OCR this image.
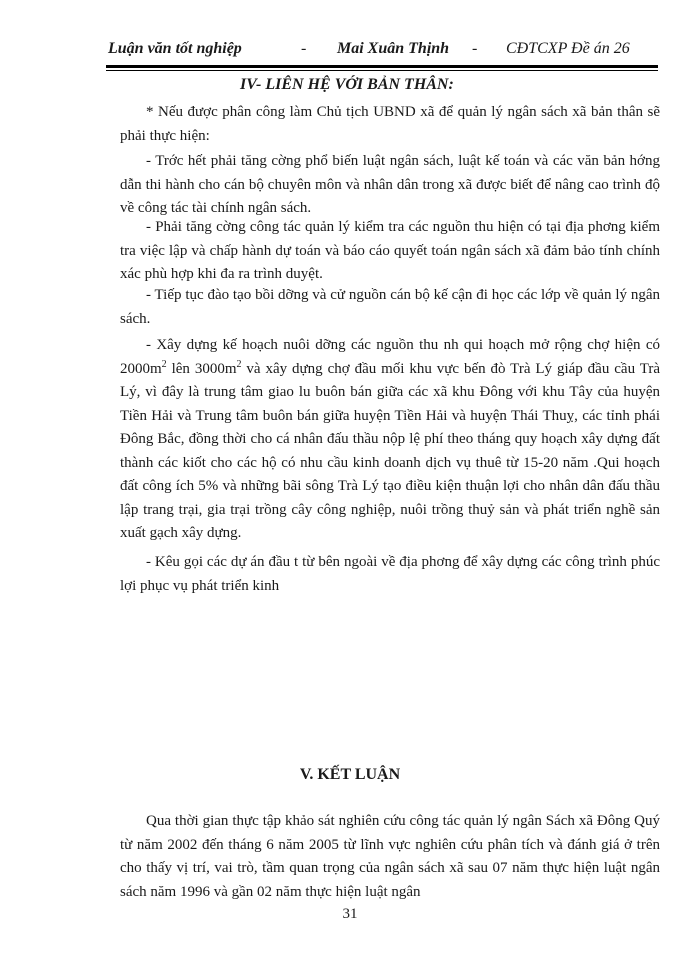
Luận văn tốt nghiệp	- Mai Xuân Thịnh - CĐTCXP Đề án 26
IV- LIÊN HỆ VỚI BẢN THÂN:

* Nếu được phân công làm Chủ tịch UBND xã để quản lý ngân sách xã bản thân sẽ phải thực hiện:

- Trớc hết phải tăng cờng phổ biến luật ngân sách, luật kế toán và các văn bản hớng dẫn thi hành cho cán bộ chuyên môn và nhân dân trong xã được biết để nâng cao trình độ về công tác tài chính ngân sách.

- Phải tăng cờng công tác quản lý kiểm tra các nguồn thu hiện có tại địa phơng kiểm tra việc lập và chấp hành dự toán và báo cáo quyết toán ngân sách xã đảm bảo tính chính xác phù hợp khi đa ra trình duyệt.

- Tiếp tục đào tạo bồi dỡng và cử nguồn cán bộ kế cận đi học các lớp về quản lý ngân sách.

- Xây dựng kế hoạch nuôi dỡng các nguồn thu nh qui hoạch mở rộng chợ hiện có $2000m^2$ lên $3000m^2$ và xây dựng chợ đầu mối khu vực bến đò Trà Lý giáp đầu cầu Trà Lý, vì đây là trung tâm giao lu buôn bán giữa các xã khu Đông với khu Tây của huyện Tiền Hải và Trung tâm buôn bán giữa huyện Tiền Hải và huyện Thái Thuỵ, các tỉnh phái Đông Bắc, đồng thời cho cá nhân đấu thầu nộp lệ phí theo tháng quy hoạch xây dựng đất thành các kiốt cho các hộ có nhu cầu kinh doanh dịch vụ thuê từ 15-20 năm .Qui hoạch đất công ích 5% và những bãi sông Trà Lý tạo điều kiện thuận lợi cho nhân dân đấu thầu lập trang trại, gia trại trồng cây công nghiệp, nuôi trồng thuỷ sản và phát triển nghề sản xuất gạch xây dựng.

- Kêu gọi các dự án đầu t từ bên ngoài về địa phơng để xây dựng các công trình phúc lợi phục vụ phát triển kinh

V. KẾT LUẬN

Qua thời gian thực tập khảo sát nghiên cứu công tác quản lý ngân Sách xã Đông Quý từ năm 2002 đến tháng 6 năm 2005 từ lĩnh vực nghiên cứu phân tích và đánh giá ở trên cho thấy vị trí, vai trò, tầm quan trọng của ngân sách xã sau 07 năm thực hiện luật ngân sách năm 1996 và gần 02 năm thực hiện luật ngân

31
